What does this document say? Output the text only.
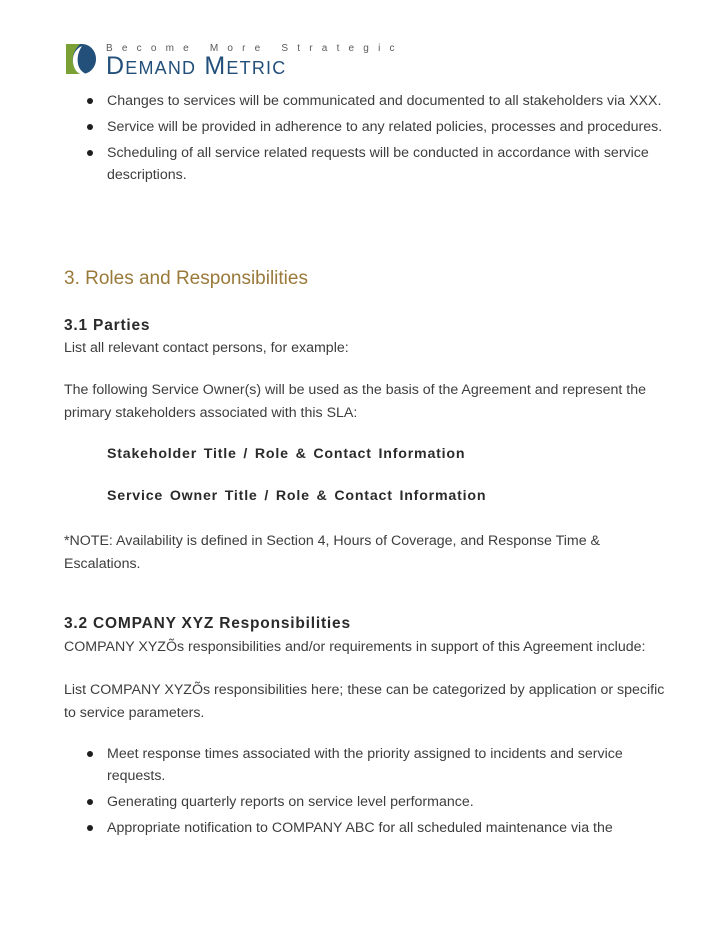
Become More Strategic
Demand Metric
Changes to services will be communicated and documented to all stakeholders via XXX.
Service will be provided in adherence to any related policies, processes and procedures.
Scheduling of all service related requests will be conducted in accordance with service descriptions.
3. Roles and Responsibilities
3.1 Parties
List all relevant contact persons, for example:
The following Service Owner(s) will be used as the basis of the Agreement and represent the primary stakeholders associated with this SLA:
Stakeholder Title / Role & Contact Information
Service Owner Title / Role & Contact Information
*NOTE: Availability is defined in Section 4, Hours of Coverage, and Response Time & Escalations.
3.2 COMPANY XYZ Responsibilities
COMPANY XYZÕs responsibilities and/or requirements in support of this Agreement include:
List COMPANY XYZÕs responsibilities here; these can be categorized by application or specific to service parameters.
Meet response times associated with the priority assigned to incidents and service requests.
Generating quarterly reports on service level performance.
Appropriate notification to COMPANY ABC for all scheduled maintenance via the
